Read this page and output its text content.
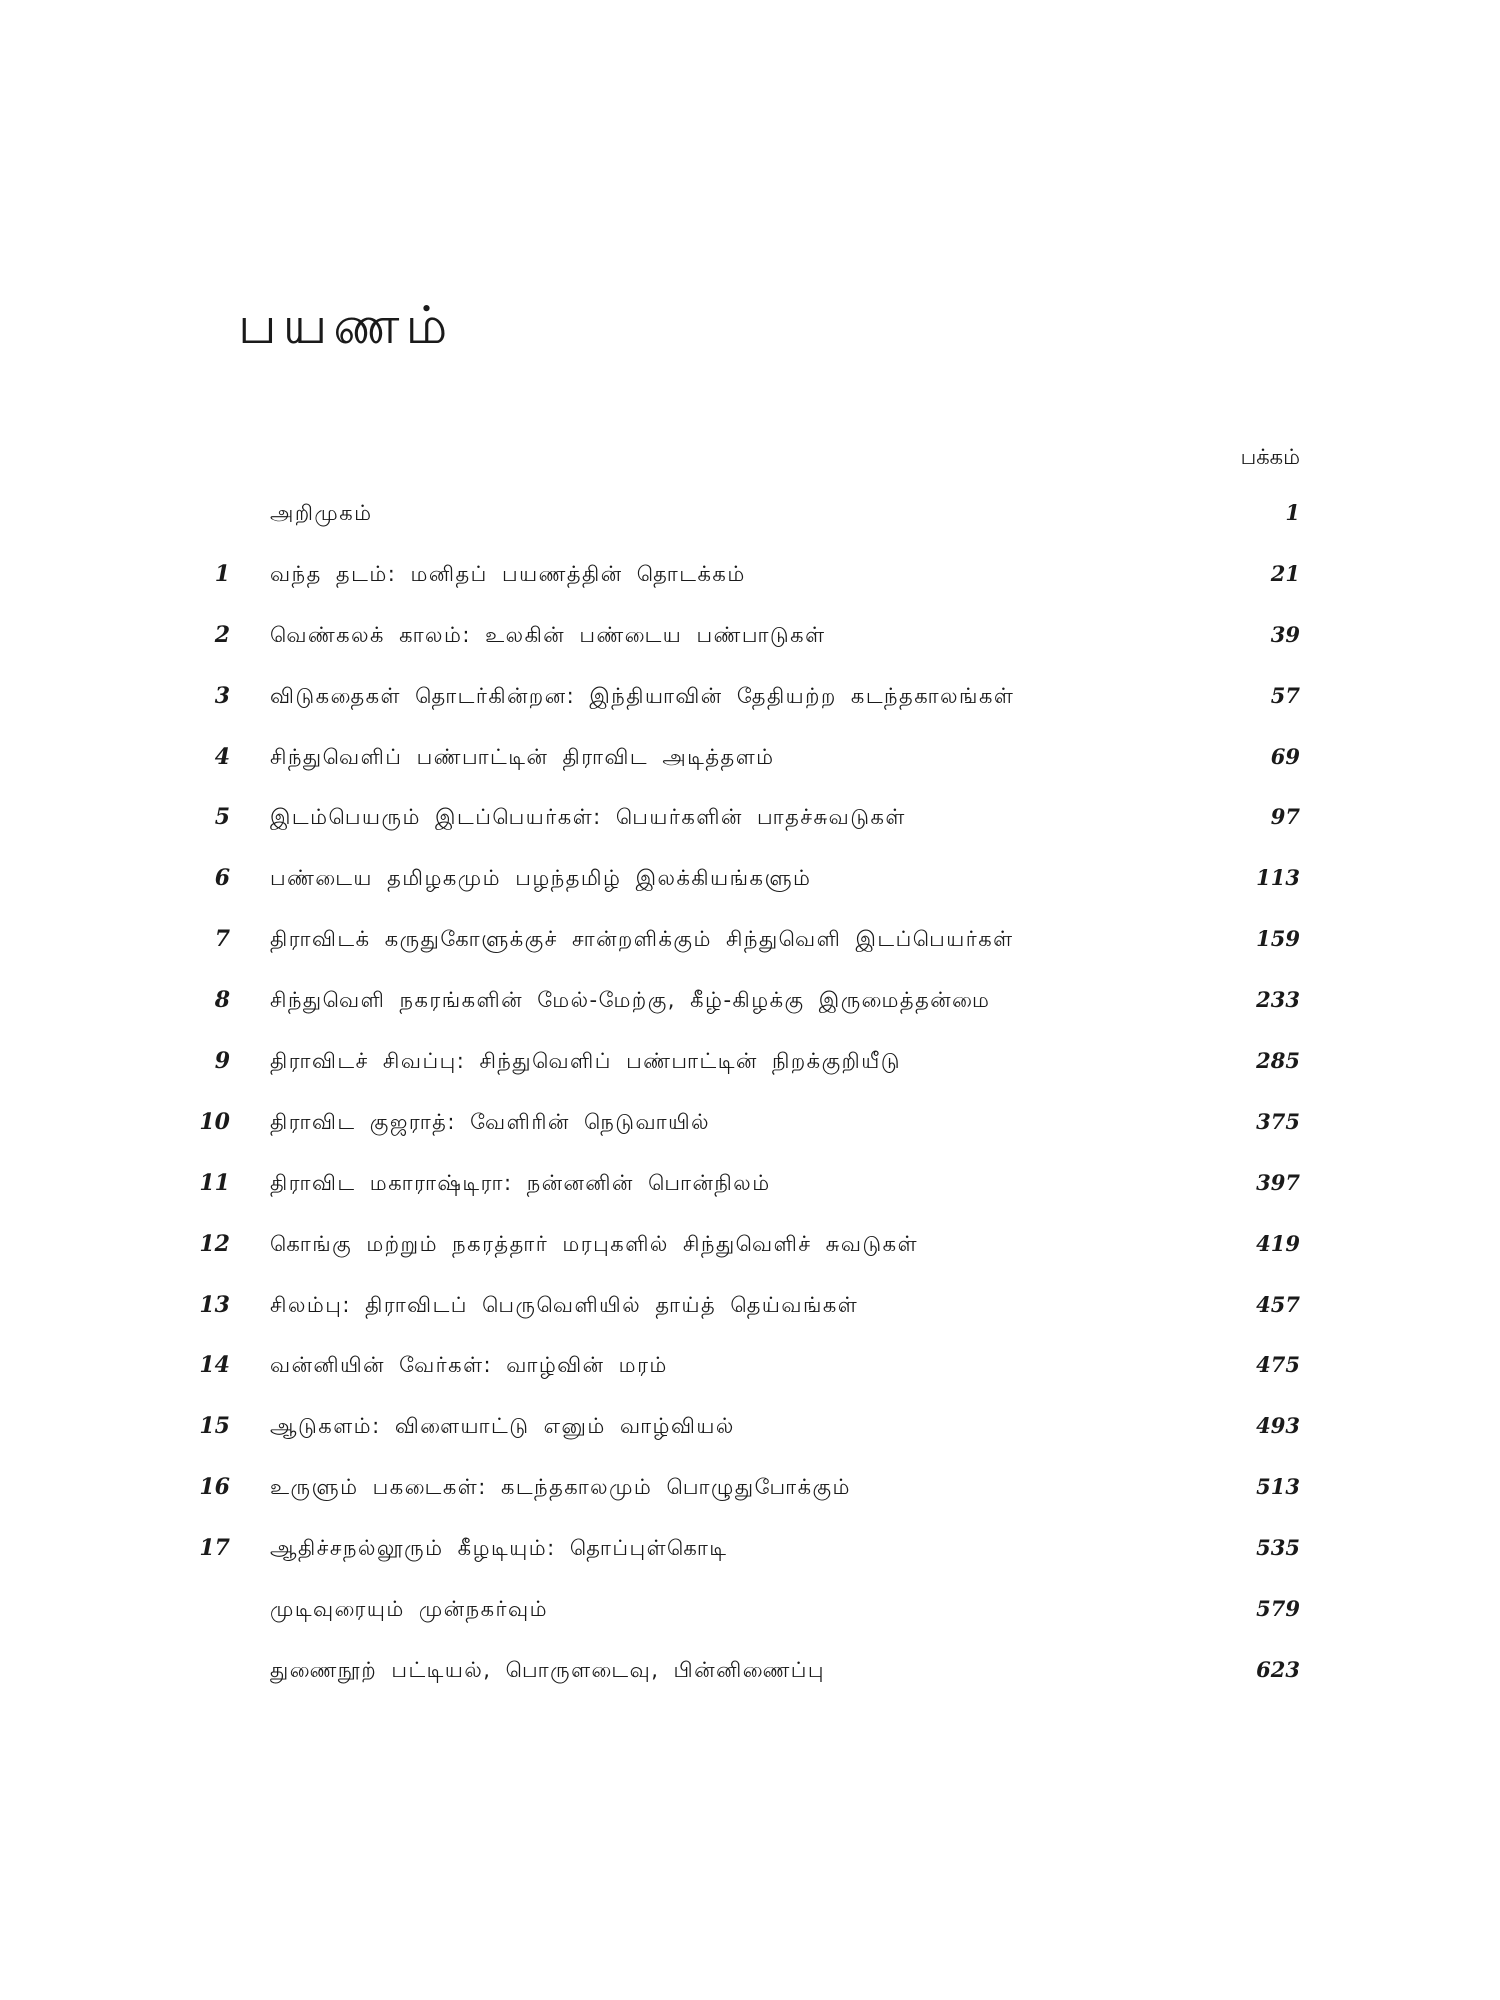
பயணம்
பக்கம்
அறிமுகம்	1
1 வந்த தடம்: மனிதப் பயணத்தின் தொடக்கம்	21
2 வெண்கலக் காலம்: உலகின் பண்டைய பண்பாடுகள்	39
3 விடுகதைகள் தொடர்கின்றன: இந்தியாவின் தேதியற்ற கடந்தகாலங்கள்	57
4 சிந்துவெளிப் பண்பாட்டின் திராவிட அடித்தளம்	69
5 இடம்பெயரும் இடப்பெயர்கள்: பெயர்களின் பாதச்சுவடுகள்	97
6 பண்டைய தமிழகமும் பழந்தமிழ் இலக்கியங்களும்	113
7 திராவிடக் கருதுகோளுக்குச் சான்றளிக்கும் சிந்துவெளி இடப்பெயர்கள்	159
8 சிந்துவெளி நகரங்களின் மேல்-மேற்கு, கீழ்-கிழக்கு இருமைத்தன்மை	233
9 திராவிடச் சிவப்பு: சிந்துவெளிப் பண்பாட்டின் நிறக்குறியீடு	285
10 திராவிட குஜராத்: வேளிரின் நெடுவாயில்	375
11 திராவிட மகாராஷ்டிரா: நன்னனின் பொன்நிலம்	397
12 கொங்கு மற்றும் நகரத்தார் மரபுகளில் சிந்துவெளிச் சுவடுகள்	419
13 சிலம்பு: திராவிடப் பெருவெளியில் தாய்த் தெய்வங்கள்	457
14 வன்னியின் வேர்கள்: வாழ்வின் மரம்	475
15 ஆடுகளம்: விளையாட்டு எனும் வாழ்வியல்	493
16 உருளும் பகடைகள்: கடந்தகாலமும் பொழுதுபோக்கும்	513
17 ஆதிச்சநல்லூரும் கீழடியும்: தொப்புள்கொடி	535
முடிவுரையும் முன்நகர்வும்	579
துணைநூற் பட்டியல், பொருளடைவு, பின்னிணைப்பு	623
